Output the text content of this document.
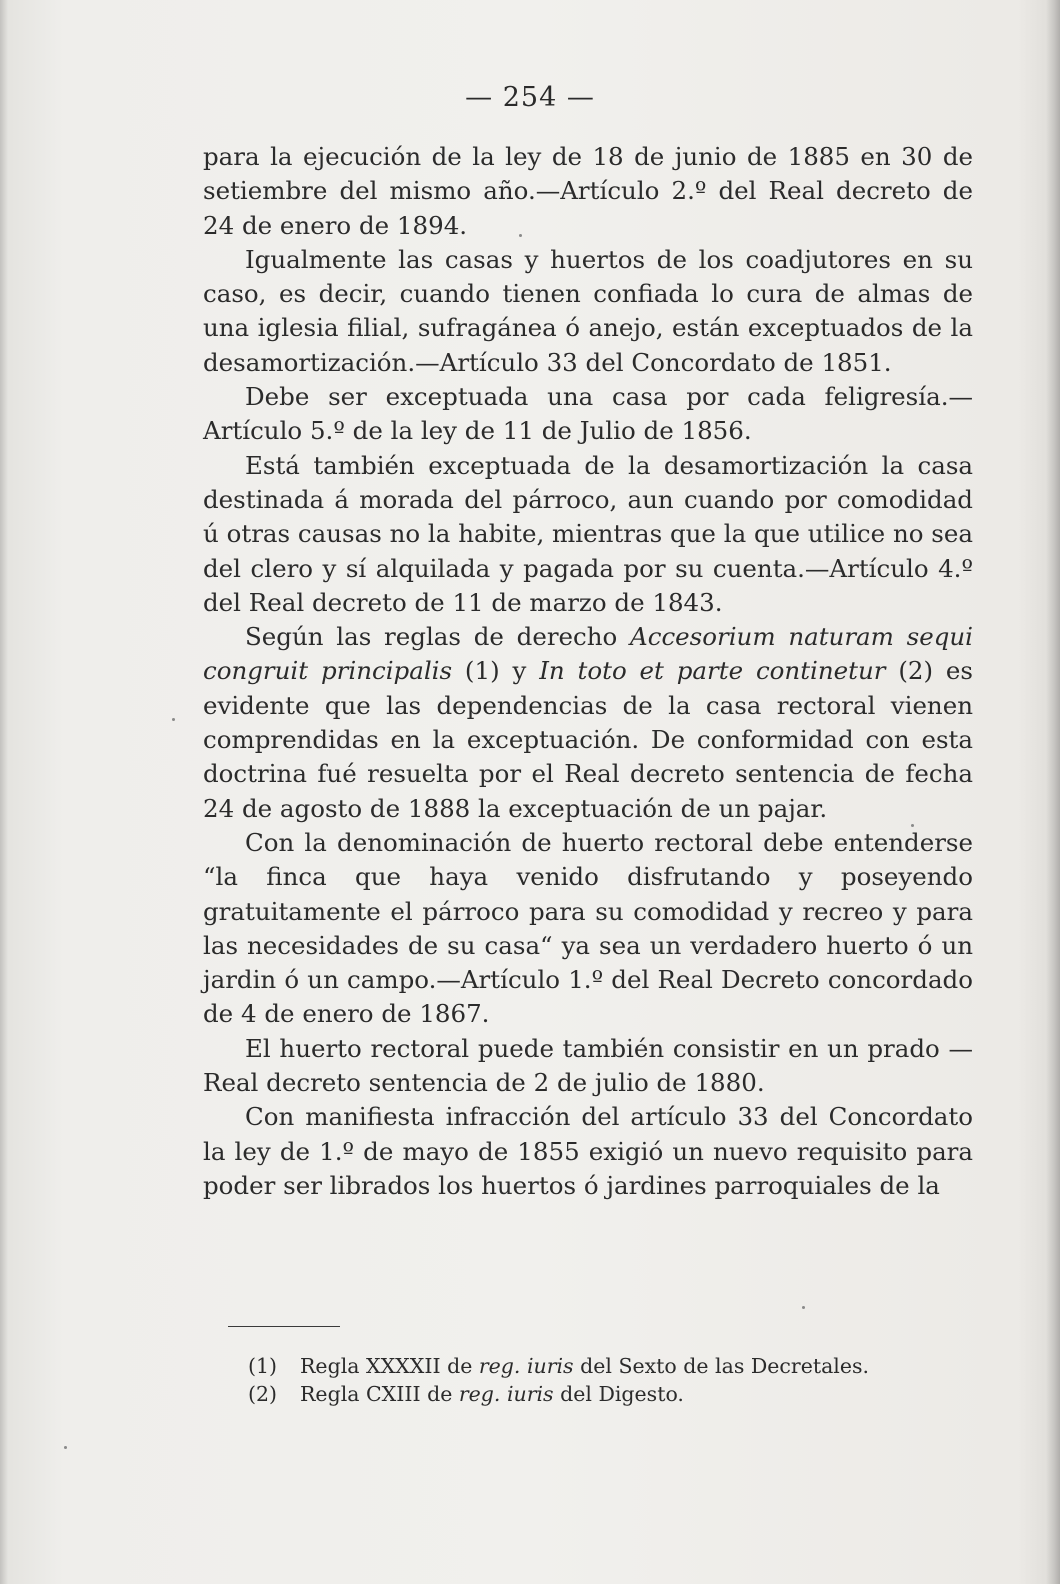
— 254 —

para la ejecución de la ley de 18 de junio de 1885 en 30 de setiembre del mismo año.—Artículo 2.º del Real decreto de 24 de enero de 1894.

Igualmente las casas y huertos de los coadjutores en su caso, es decir, cuando tienen confiada lo cura de almas de una iglesia filial, sufragánea ó anejo, están exceptuados de la desamortización.—Artículo 33 del Concordato de 1851.

Debe ser exceptuada una casa por cada feligresía.—Artículo 5.º de la ley de 11 de Julio de 1856.

Está también exceptuada de la desamortización la casa destinada á morada del párroco, aun cuando por comodidad ú otras causas no la habite, mientras que la que utilice no sea del clero y sí alquilada y pagada por su cuenta.—Artículo 4.º del Real decreto de 11 de marzo de 1843.

Según las reglas de derecho Accesorium naturam sequi congruit principalis (1) y In toto et parte continetur (2) es evidente que las dependencias de la casa rectoral vienen comprendidas en la exceptuación. De conformidad con esta doctrina fué resuelta por el Real decreto sentencia de fecha 24 de agosto de 1888 la exceptuación de un pajar.

Con la denominación de huerto rectoral debe entenderse “la finca que haya venido disfrutando y poseyendo gratuitamente el párroco para su comodidad y recreo y para las necesidades de su casa“ ya sea un verdadero huerto ó un jardin ó un campo.—Artículo 1.º del Real Decreto concordado de 4 de enero de 1867.

El huerto rectoral puede también consistir en un prado —Real decreto sentencia de 2 de julio de 1880.

Con manifiesta infracción del artículo 33 del Concordato la ley de 1.º de mayo de 1855 exigió un nuevo requisito para poder ser librados los huertos ó jardines parroquiales de la

(1) Regla XXXXII de reg. iuris del Sexto de las Decretales.

(2) Regla CXIII de reg. iuris del Digesto.
